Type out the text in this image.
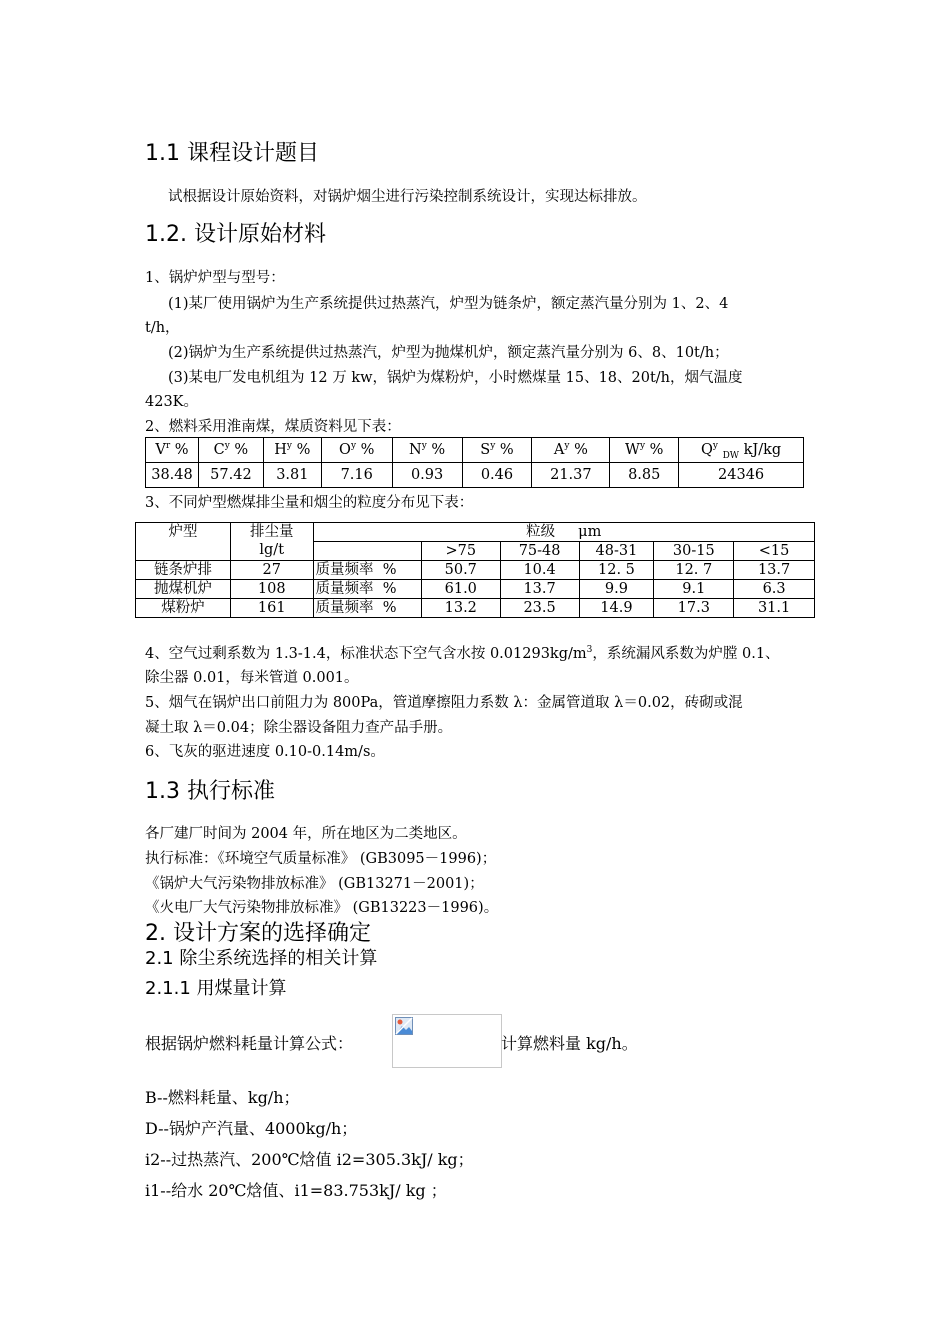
1.1 课程设计题目
试根据设计原始资料，对锅炉烟尘进行污染控制系统设计，实现达标排放。
1.2. 设计原始材料
1、锅炉炉型与型号：
(1)某厂使用锅炉为生产系统提供过热蒸汽，炉型为链条炉，额定蒸汽量分别为 1、2、4
t/h，
(2)锅炉为生产系统提供过热蒸汽，炉型为抛煤机炉，额定蒸汽量分别为 6、8、10t/h；
(3)某电厂发电机组为 12 万 kw，锅炉为煤粉炉，小时燃煤量 15、18、20t/h，烟气温度
423K。
2、燃料采用淮南煤，煤质资料见下表：
$V^r$ %	$C^y$ %	$H^y$ %	$O^y$ %	$N^y$ %	$S^y$ %	$A^y$ %	$W^y$ %	$Q^y$ $_{DW}$ kJ/kg
38.48	57.42	3.81	7.16	0.93	0.46	21.37	8.85	24346
3、不同炉型燃煤排尘量和烟尘的粒度分布见下表：
炉型	排尘量
lg/t	粒级     μm					
			>75	75-48	48-31	30-15	<15
链条炉排	27	质量频率  %	50.7	10.4	12. 5	12. 7	13.7
抛煤机炉	108	质量频率  %	61.0	13.7	9.9	9.1	6.3
煤粉炉	161	质量频率  %	13.2	23.5	14.9	17.3	31.1
4、空气过剩系数为 1.3-1.4，标准状态下空气含水按 $0.01293kg/m^3$，系统漏风系数为炉膛 0.1、
除尘器 0.01，每米管道 0.001。
5、烟气在锅炉出口前阻力为 800Pa，管道摩擦阻力系数 λ：金属管道取 λ＝0.02，砖砌或混
凝土取 λ＝0.04；除尘器设备阻力查产品手册。
6、飞灰的驱进速度 0.10-0.14m/s。
1.3 执行标准
各厂建厂时间为 2004 年，所在地区为二类地区。
执行标准：《环境空气质量标准》 (GB3095－1996)；
《锅炉大气污染物排放标准》 (GB13271－2001)；
《火电厂大气污染物排放标准》 (GB13223－1996)。
2. 设计方案的选择确定
2.1 除尘系统选择的相关计算
2.1.1 用煤量计算
根据锅炉燃料耗量计算公式：	计算燃料量 kg/h。
B--燃料耗量、kg/h；
D--锅炉产汽量、4000kg/h；
i2--过热蒸汽、200℃焓值 i2=305.3kJ/ kg；
i1--给水 20℃焓值、i1=83.753kJ/ kg ；
